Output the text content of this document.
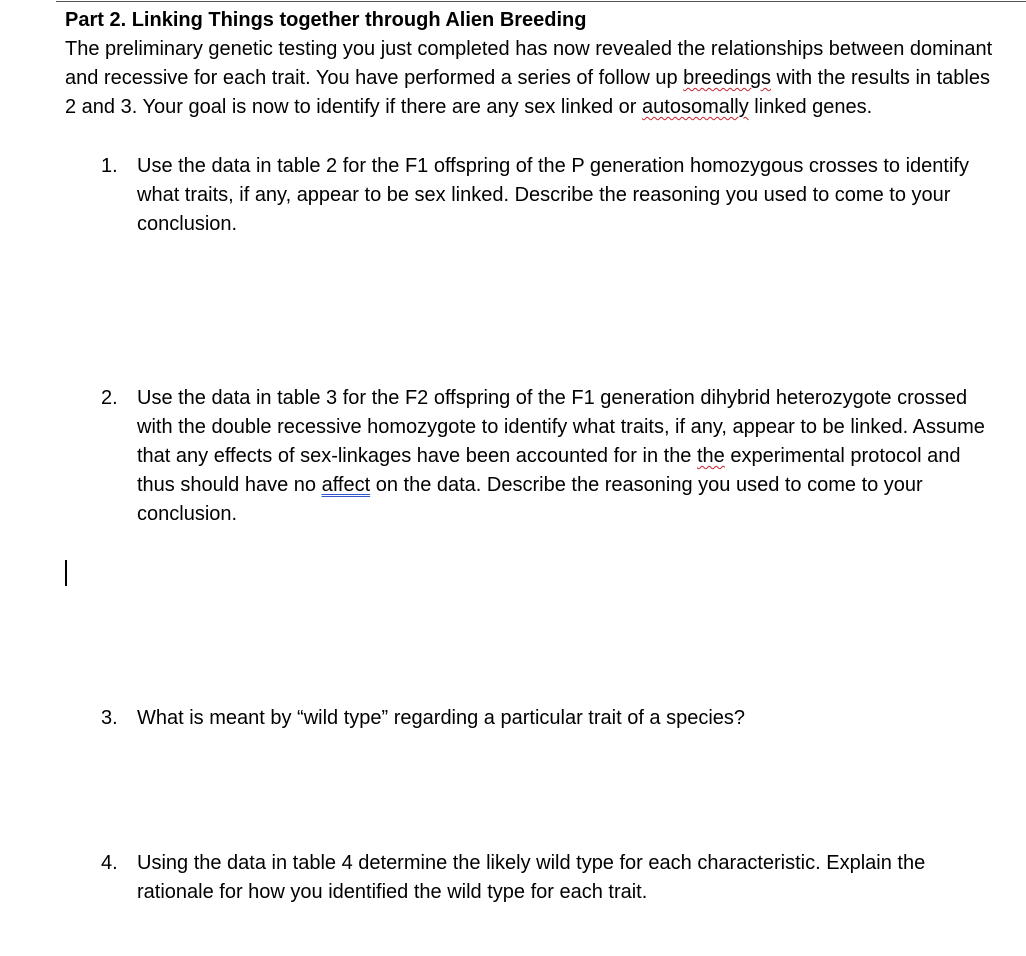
Part 2. Linking Things together through Alien Breeding

The preliminary genetic testing you just completed has now revealed the relationships between dominant and recessive for each trait. You have performed a series of follow up breedings with the results in tables 2 and 3. Your goal is now to identify if there are any sex linked or autosomally linked genes.

1. Use the data in table 2 for the F1 offspring of the P generation homozygous crosses to identify what traits, if any, appear to be sex linked. Describe the reasoning you used to come to your conclusion.
2. Use the data in table 3 for the F2 offspring of the F1 generation dihybrid heterozygote crossed with the double recessive homozygote to identify what traits, if any, appear to be linked. Assume that any effects of sex-linkages have been accounted for in the the experimental protocol and thus should have no affect on the data. Describe the reasoning you used to come to your conclusion.
3. What is meant by “wild type” regarding a particular trait of a species?
4. Using the data in table 4 determine the likely wild type for each characteristic. Explain the rationale for how you identified the wild type for each trait.
